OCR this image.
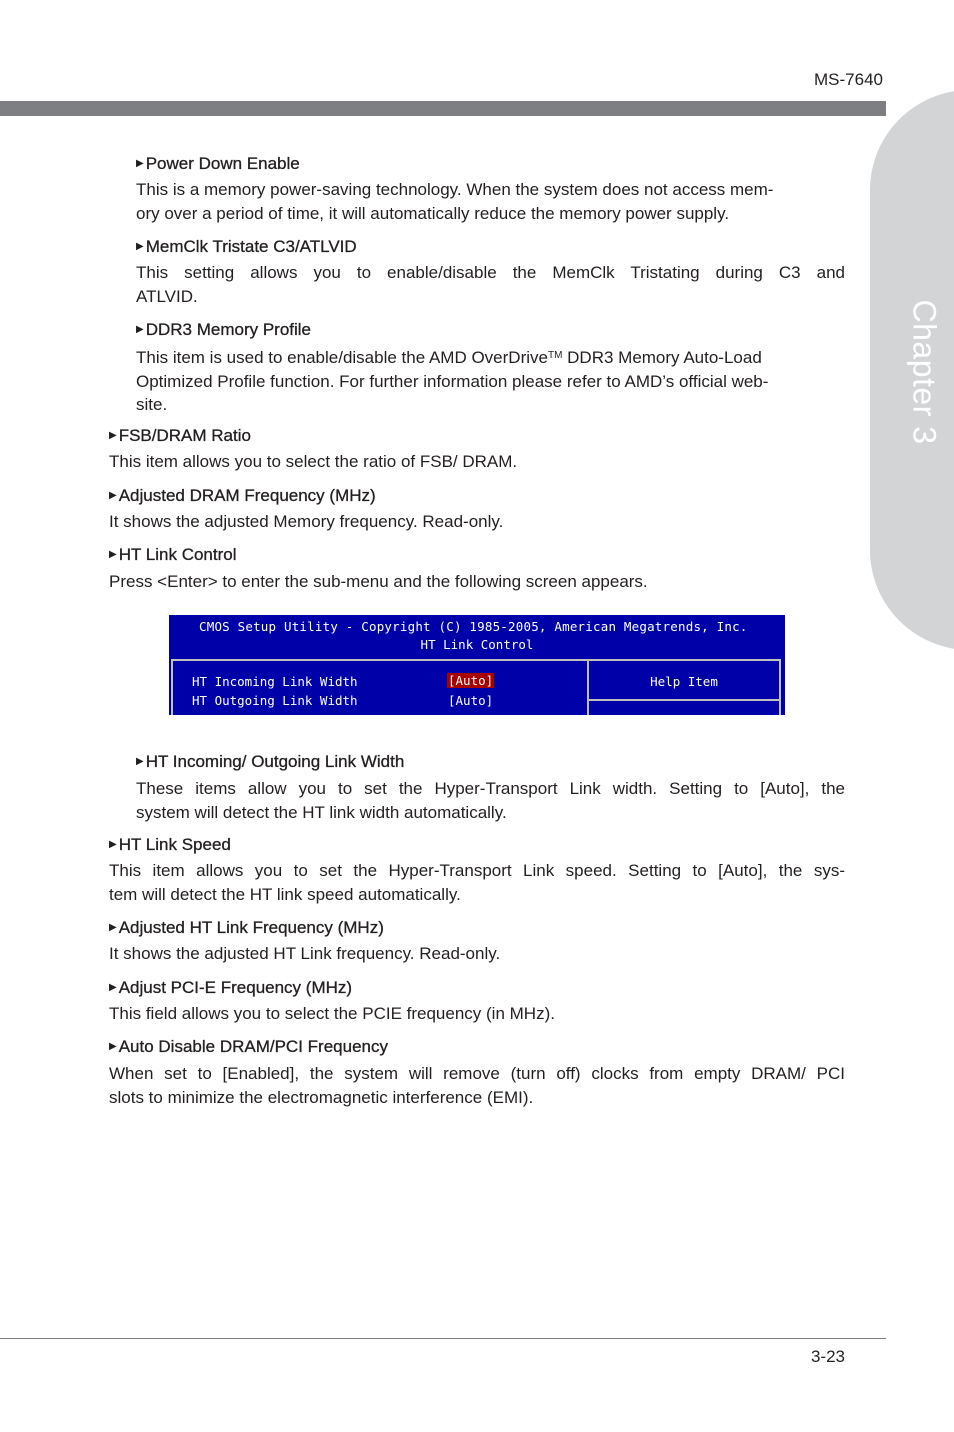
MS-7640
Chapter 3
▶ Power Down Enable
This is a memory power-saving technology. When the system does not access mem-
ory over a period of time, it will automatically reduce the memory power supply.
▶ MemClk Tristate C3/ATLVID
This setting allows you to enable/disable the MemClk Tristating during C3 and
ATLVID.
▶ DDR3 Memory Profile
This item is used to enable/disable the AMD OverDrive™ DDR3 Memory Auto-Load
Optimized Profile function. For further information please refer to AMD’s official web-
site.
▶ FSB/DRAM Ratio
This item allows you to select the ratio of FSB/ DRAM.
▶ Adjusted DRAM Frequency (MHz)
It shows the adjusted Memory frequency. Read-only.
▶ HT Link Control
Press <Enter> to enter the sub-menu and the following screen appears.
CMOS Setup Utility - Copyright (C) 1985-2005, American Megatrends, Inc.
HT Link Control
HT Incoming Link Width	[Auto]
HT Outgoing Link Width	[Auto]
Help Item
▶ HT Incoming/ Outgoing Link Width
These items allow you to set the Hyper-Transport Link width. Setting to [Auto], the
system will detect the HT link width automatically.
▶ HT Link Speed
This item allows you to set the Hyper-Transport Link speed. Setting to [Auto], the sys-
tem will detect the HT link speed automatically.
▶ Adjusted HT Link Frequency (MHz)
It shows the adjusted HT Link frequency. Read-only.
▶ Adjust PCI-E Frequency (MHz)
This field allows you to select the PCIE frequency (in MHz).
▶ Auto Disable DRAM/PCI Frequency
When set to [Enabled], the system will remove (turn off) clocks from empty DRAM/ PCI
slots to minimize the electromagnetic interference (EMI).
3-23
